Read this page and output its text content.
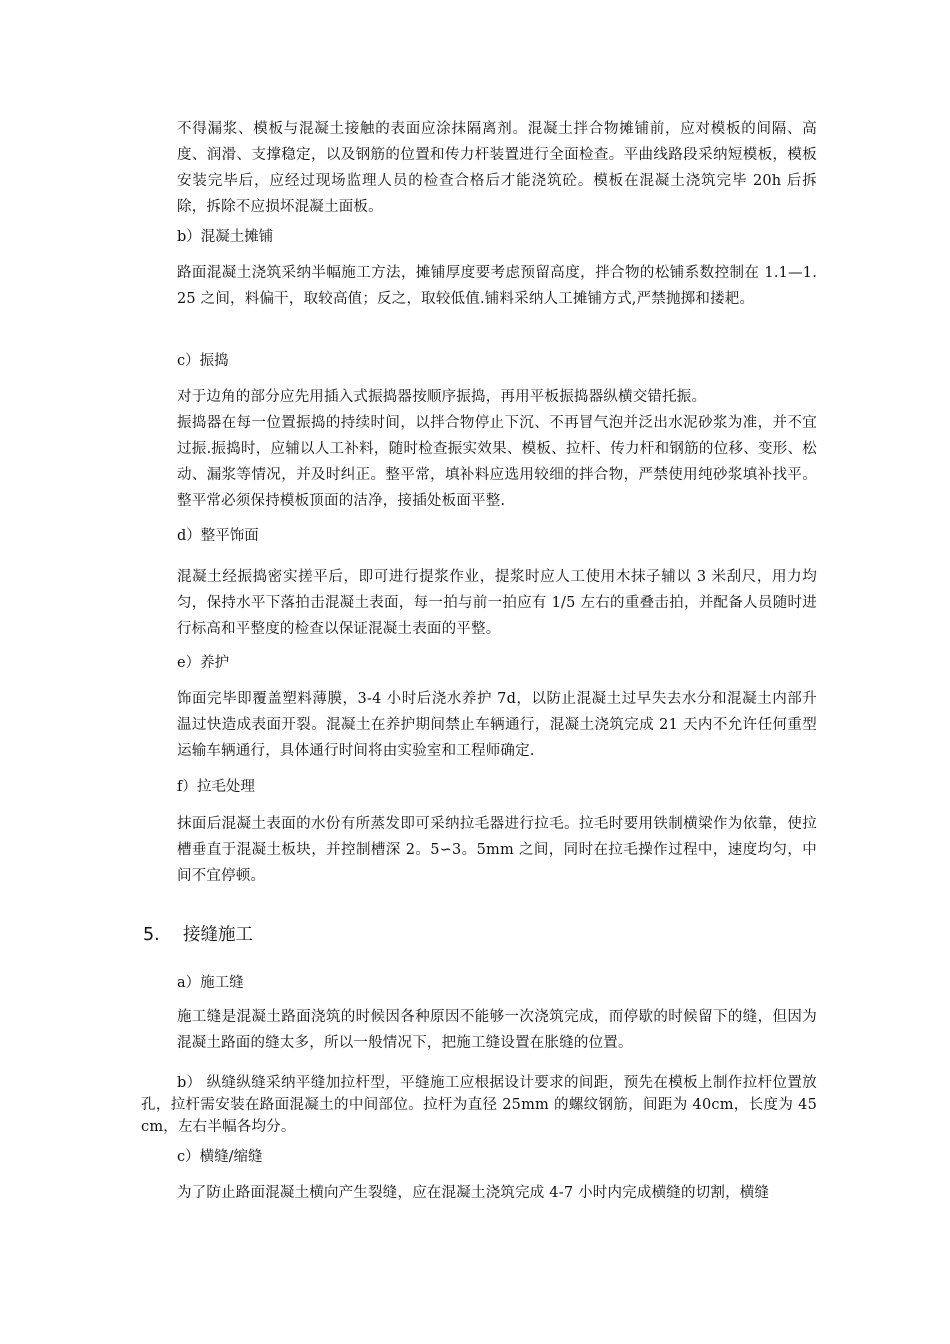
不得漏浆、模板与混凝土接触的表面应涂抹隔离剂。混凝土拌合物摊铺前，应对模板的间隔、高度、润滑、支撑稳定，以及钢筋的位置和传力杆装置进行全面检查。平曲线路段采纳短模板，模板安装完毕后，应经过现场监理人员的检查合格后才能浇筑砼。模板在混凝土浇筑完毕 20h 后拆除，拆除不应损坏混凝土面板。

b）混凝土摊铺

路面混凝土浇筑采纳半幅施工方法，摊铺厚度要考虑预留高度，拌合物的松铺系数控制在 1.1—1.25 之间，料偏干，取较高值；反之，取较低值.铺料采纳人工摊铺方式,严禁抛掷和搂耙。

c）振捣

对于边角的部分应先用插入式振捣器按顺序振捣，再用平板振捣器纵横交错托振。

振捣器在每一位置振捣的持续时间，以拌合物停止下沉、不再冒气泡并泛出水泥砂浆为准，并不宜过振.振捣时，应辅以人工补料，随时检查振实效果、模板、拉杆、传力杆和钢筋的位移、变形、松动、漏浆等情况，并及时纠正。整平常，填补料应选用较细的拌合物，严禁使用纯砂浆填补找平。整平常必须保持模板顶面的洁净，接插处板面平整.

d）整平饰面

混凝土经振捣密实搓平后，即可进行提浆作业，提浆时应人工使用木抹子辅以 3 米刮尺，用力均匀，保持水平下落拍击混凝土表面，每一拍与前一拍应有 1/5 左右的重叠击拍，并配备人员随时进行标高和平整度的检查以保证混凝土表面的平整。

e）养护

饰面完毕即覆盖塑料薄膜，3-4 小时后浇水养护 7d，以防止混凝土过早失去水分和混凝土内部升温过快造成表面开裂。混凝土在养护期间禁止车辆通行，混凝土浇筑完成 21 天内不允许任何重型运输车辆通行，具体通行时间将由实验室和工程师确定.

f）拉毛处理

抹面后混凝土表面的水份有所蒸发即可采纳拉毛器进行拉毛。拉毛时要用铁制横梁作为依靠，使拉槽垂直于混凝土板块，并控制槽深 2。5∽3。5mm 之间，同时在拉毛操作过程中，速度均匀，中间不宜停顿。

5. 接缝施工

a）施工缝

施工缝是混凝土路面浇筑的时候因各种原因不能够一次浇筑完成，而停歇的时候留下的缝，但因为混凝土路面的缝太多，所以一般情况下，把施工缝设置在胀缝的位置。

b） 纵缝纵缝采纳平缝加拉杆型，平缝施工应根据设计要求的间距，预先在模板上制作拉杆位置放孔，拉杆需安装在路面混凝土的中间部位。拉杆为直径 25mm 的螺纹钢筋，间距为 40cm，长度为 45cm，左右半幅各均分。

c）横缝/缩缝

为了防止路面混凝土横向产生裂缝，应在混凝土浇筑完成 4-7 小时内完成横缝的切割，横缝
